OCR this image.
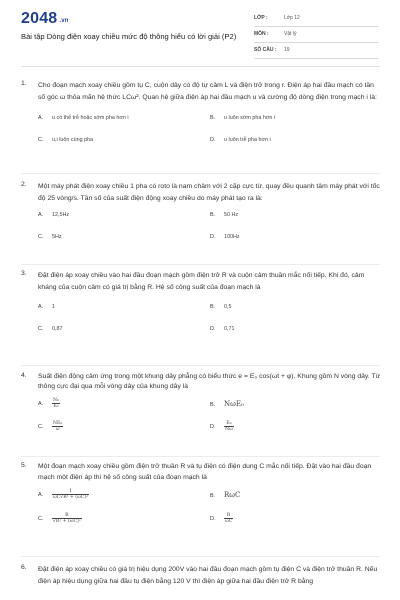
2048 .vn
Bài tập Dòng điện xoay chiều mức độ thông hiểu có lời giải (P2)
LỚP :	Lớp 12
MÔN :	Vật lý
SỐ CÂU : 19
1. Cho đoạn mạch xoay chiều gồm tụ C, cuộn dây có độ tự cảm L và điện trở trong r. Điện áp hai đầu mạch có tần số góc ω thỏa mãn hệ thức LCω². Quan hệ giữa điện áp hai đầu mạch u và cường độ dòng điện trong mạch i là:
A. u có thể trễ hoặc sớm pha hơn i	B. u luôn sớm pha hơn i
C. u,i luôn cùng pha	D. u luôn trễ pha hơn i
2. Một máy phát điện xoay chiều 1 pha có roto là nam châm với 2 cặp cực từ, quay đều quanh tâm máy phát với tốc độ 25 vòng/s. Tần số của suất điện động xoay chiều do máy phát tạo ra là:
A. 12,5Hz	B. 50 Hz
C. 5Hz	D. 100Hz
3. Đặt điện áp xoay chiều vào hai đầu đoạn mạch gồm điện trở R và cuộn cảm thuần mắc nối tiếp. Khi đó, cảm kháng của cuộn cảm có giá trị bằng R. Hệ số công suất của đoạn mạch là
A. 1	B. 0,5
C. 0,87	D. 0,71
4. Suất điện động cảm ứng trong một khung dây phẳng có biểu thức e = E₀ cos(ωt + φ). Khung gồm N vòng dây. Từ thông cực đại qua mỗi vòng dây của khung dây là
A. $\frac{\text{N₀}}{\text{E₀}}$	B. NωE₀
C. $\frac{\text{NE₀}}{\omega}$	D. $\frac{\text{E₀}}{N\omega}$
5. Một đoạn mạch xoay chiều gồm điện trở thuần R và tụ điện có điện dung C mắc nối tiếp. Đặt vào hai đầu đoạn mạch một điện áp thì hệ số công suất của đoạn mạch là
A. $\frac{1}{\text{ωC√R² + (ωC)²}}$	B. RωC
C. $\frac{R}{\text{√R² + (ωC)²}}$	D. $\frac{R}{\omega C}$
6. Đặt điện áp xoay chiều có giá trị hiệu dụng 200V vào hai đầu đoạn mạch gồm tụ điện C và điện trở thuần R. Nếu điện áp hiệu dụng giữa hai đầu tụ điện bằng 120 V thì điện áp giữa hai đầu điện trở R bằng
